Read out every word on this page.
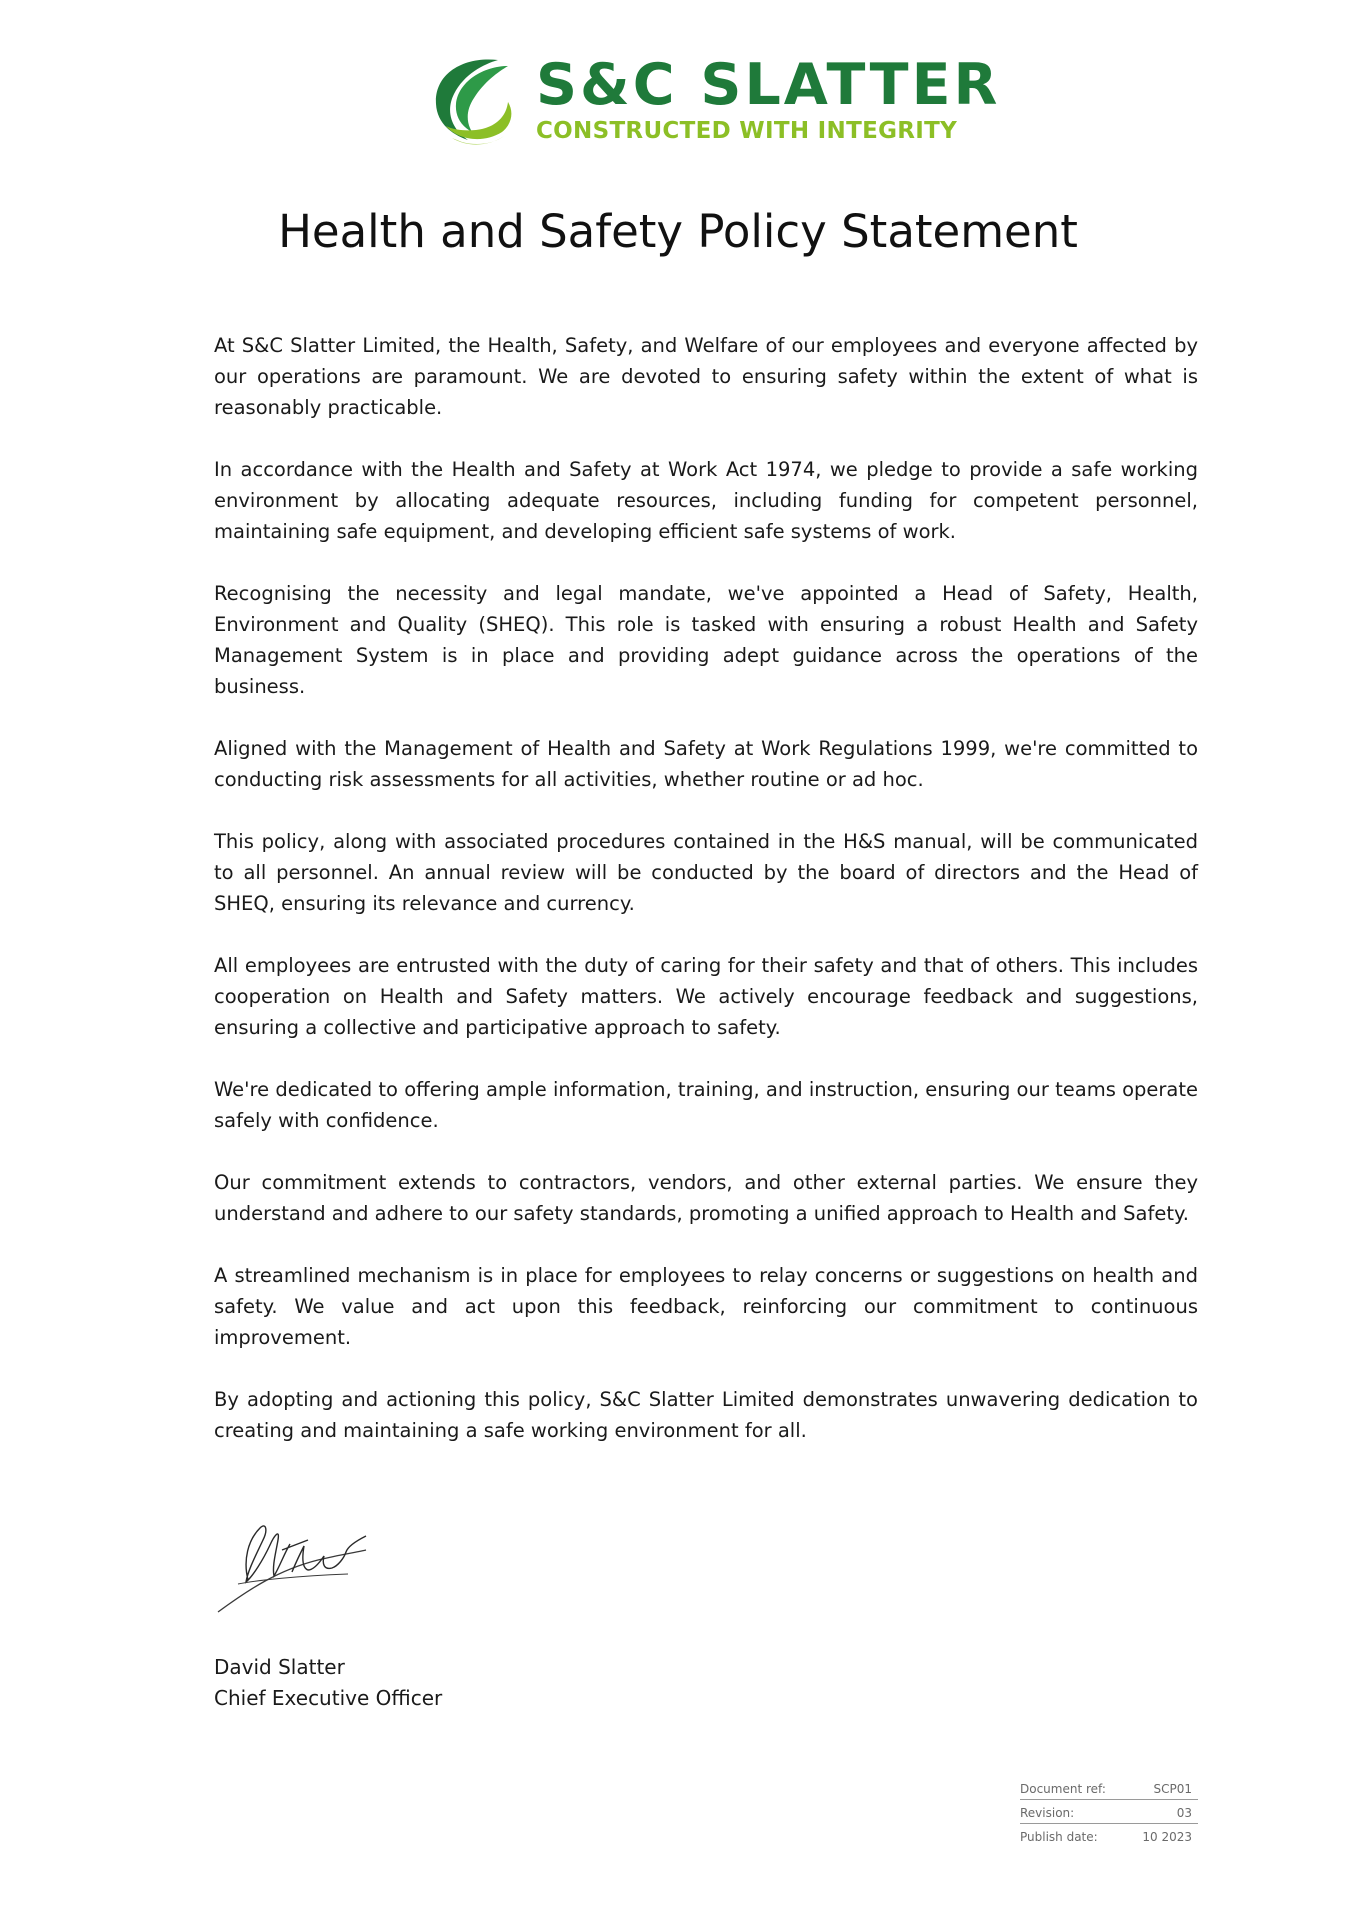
S&C SLATTER
CONSTRUCTED WITH INTEGRITY
Health and Safety Policy Statement

At S&C Slatter Limited, the Health, Safety, and Welfare of our employees and everyone affected by our operations are paramount. We are devoted to ensuring safety within the extent of what is reasonably practicable.

In accordance with the Health and Safety at Work Act 1974, we pledge to provide a safe working environment by allocating adequate resources, including funding for competent personnel, maintaining safe equipment, and developing efficient safe systems of work.

Recognising the necessity and legal mandate, we've appointed a Head of Safety, Health, Environment and Quality (SHEQ). This role is tasked with ensuring a robust Health and Safety Management System is in place and providing adept guidance across the operations of the business.

Aligned with the Management of Health and Safety at Work Regulations 1999, we're committed to conducting risk assessments for all activities, whether routine or ad hoc.

This policy, along with associated procedures contained in the H&S manual, will be communicated to all personnel. An annual review will be conducted by the board of directors and the Head of SHEQ, ensuring its relevance and currency.

All employees are entrusted with the duty of caring for their safety and that of others. This includes cooperation on Health and Safety matters. We actively encourage feedback and suggestions, ensuring a collective and participative approach to safety.

We're dedicated to offering ample information, training, and instruction, ensuring our teams operate safely with confidence.

Our commitment extends to contractors, vendors, and other external parties. We ensure they understand and adhere to our safety standards, promoting a unified approach to Health and Safety.

A streamlined mechanism is in place for employees to relay concerns or suggestions on health and safety. We value and act upon this feedback, reinforcing our commitment to continuous improvement.

By adopting and actioning this policy, S&C Slatter Limited demonstrates unwavering dedication to creating and maintaining a safe working environment for all.

David Slatter
Chief Executive Officer
Document ref:	SCP01
Revision:	03
Publish date:	10 2023
